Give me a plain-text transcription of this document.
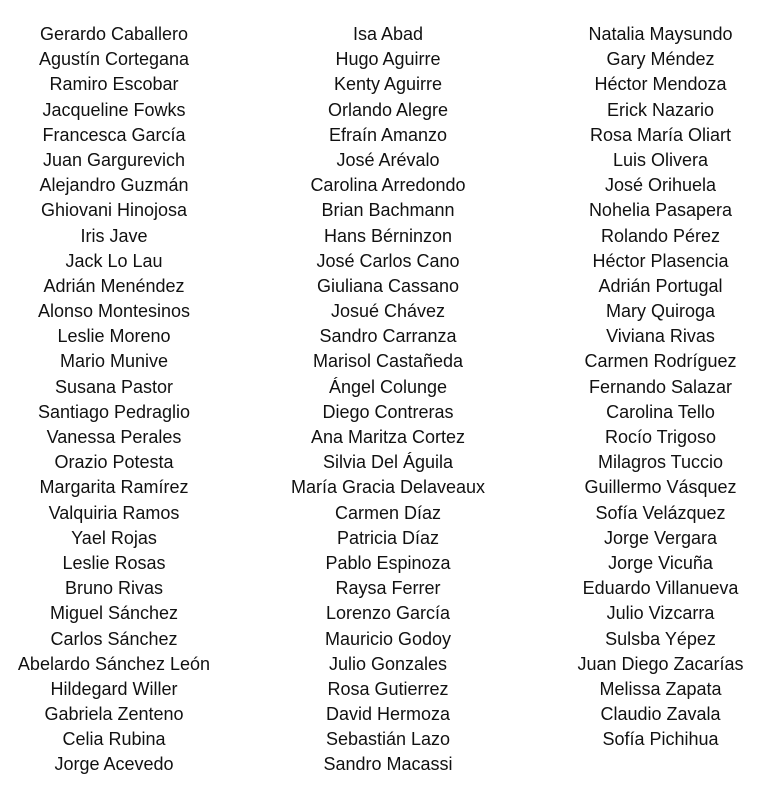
Gerardo Caballero
Agustín Cortegana
Ramiro Escobar
Jacqueline Fowks
Francesca García
Juan Gargurevich
Alejandro Guzmán
Ghiovani Hinojosa
Iris Jave
Jack Lo Lau
Adrián Menéndez
Alonso Montesinos
Leslie Moreno
Mario Munive
Susana Pastor
Santiago Pedraglio
Vanessa Perales
Orazio Potesta
Margarita Ramírez
Valquiria Ramos
Yael Rojas
Leslie Rosas
Bruno Rivas
Miguel Sánchez
Carlos Sánchez
Abelardo Sánchez León
Hildegard Willer
Gabriela Zenteno
Celia Rubina
Jorge Acevedo
Isa Abad
Hugo Aguirre
Kenty Aguirre
Orlando Alegre
Efraín Amanzo
José Arévalo
Carolina Arredondo
Brian Bachmann
Hans Bérninzon
José Carlos Cano
Giuliana Cassano
Josué Chávez
Sandro Carranza
Marisol Castañeda
Ángel Colunge
Diego Contreras
Ana Maritza Cortez
Silvia Del Águila
María Gracia Delaveaux
Carmen Díaz
Patricia Díaz
Pablo Espinoza
Raysa Ferrer
Lorenzo García
Mauricio Godoy
Julio Gonzales
Rosa Gutierrez
David Hermoza
Sebastián Lazo
Sandro Macassi
Natalia Maysundo
Gary Méndez
Héctor Mendoza
Erick Nazario
Rosa María Oliart
Luis Olivera
José Orihuela
Nohelia Pasapera
Rolando Pérez
Héctor Plasencia
Adrián Portugal
Mary Quiroga
Viviana Rivas
Carmen Rodríguez
Fernando Salazar
Carolina Tello
Rocío Trigoso
Milagros Tuccio
Guillermo Vásquez
Sofía Velázquez
Jorge Vergara
Jorge Vicuña
Eduardo Villanueva
Julio Vizcarra
Sulsba Yépez
Juan Diego Zacarías
Melissa Zapata
Claudio Zavala
Sofía Pichihua
